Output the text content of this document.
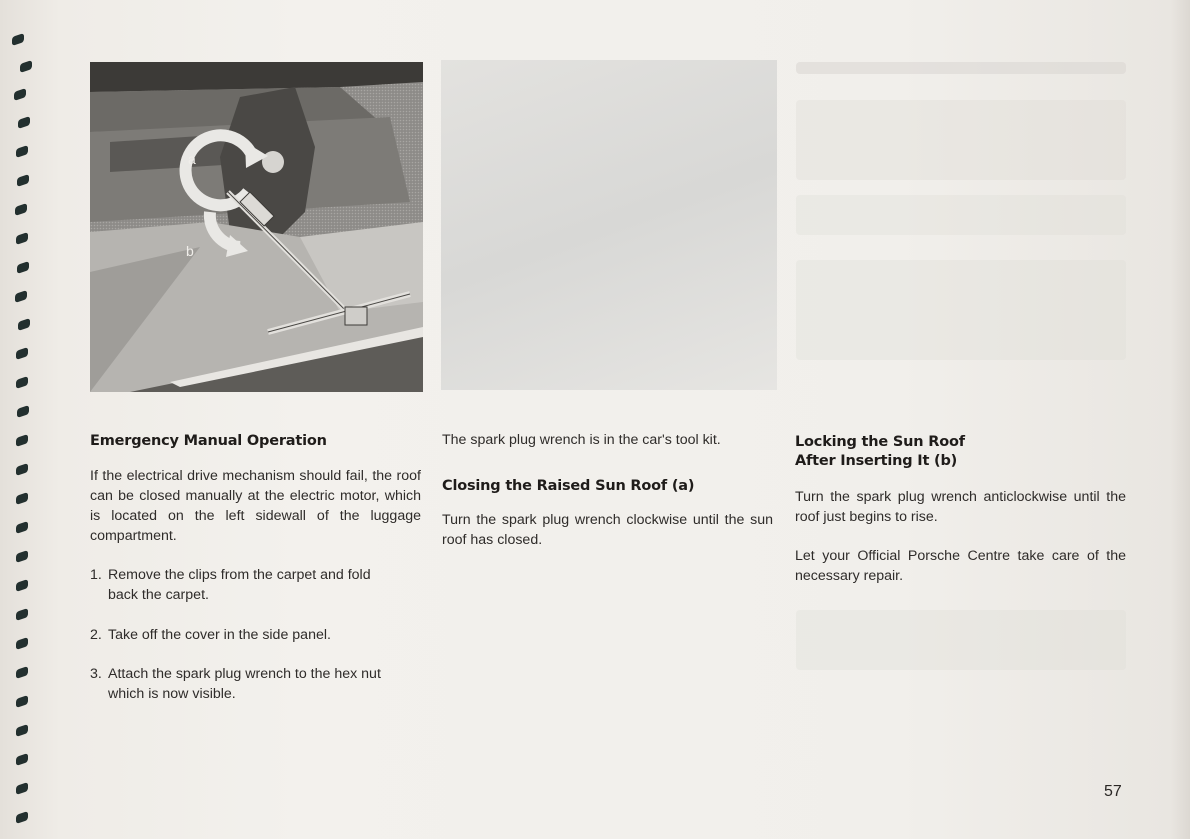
a
b
Emergency Manual Operation

If the electrical drive mechanism should fail, the roof can be closed manually at the electric motor, which is located on the left sidewall of the luggage compartment.

1. Remove the clips from the carpet and fold
back the carpet.
2. Take off the cover in the side panel.
3. Attach the spark plug wrench to the hex nut
which is now visible.

The spark plug wrench is in the car's tool kit.

Closing the Raised Sun Roof (a)

Turn the spark plug wrench clockwise until the sun roof has closed.

Locking the Sun Roof
After Inserting It (b)

Turn the spark plug wrench anticlockwise until the roof just begins to rise.

Let your Official Porsche Centre take care of the necessary repair.

57
